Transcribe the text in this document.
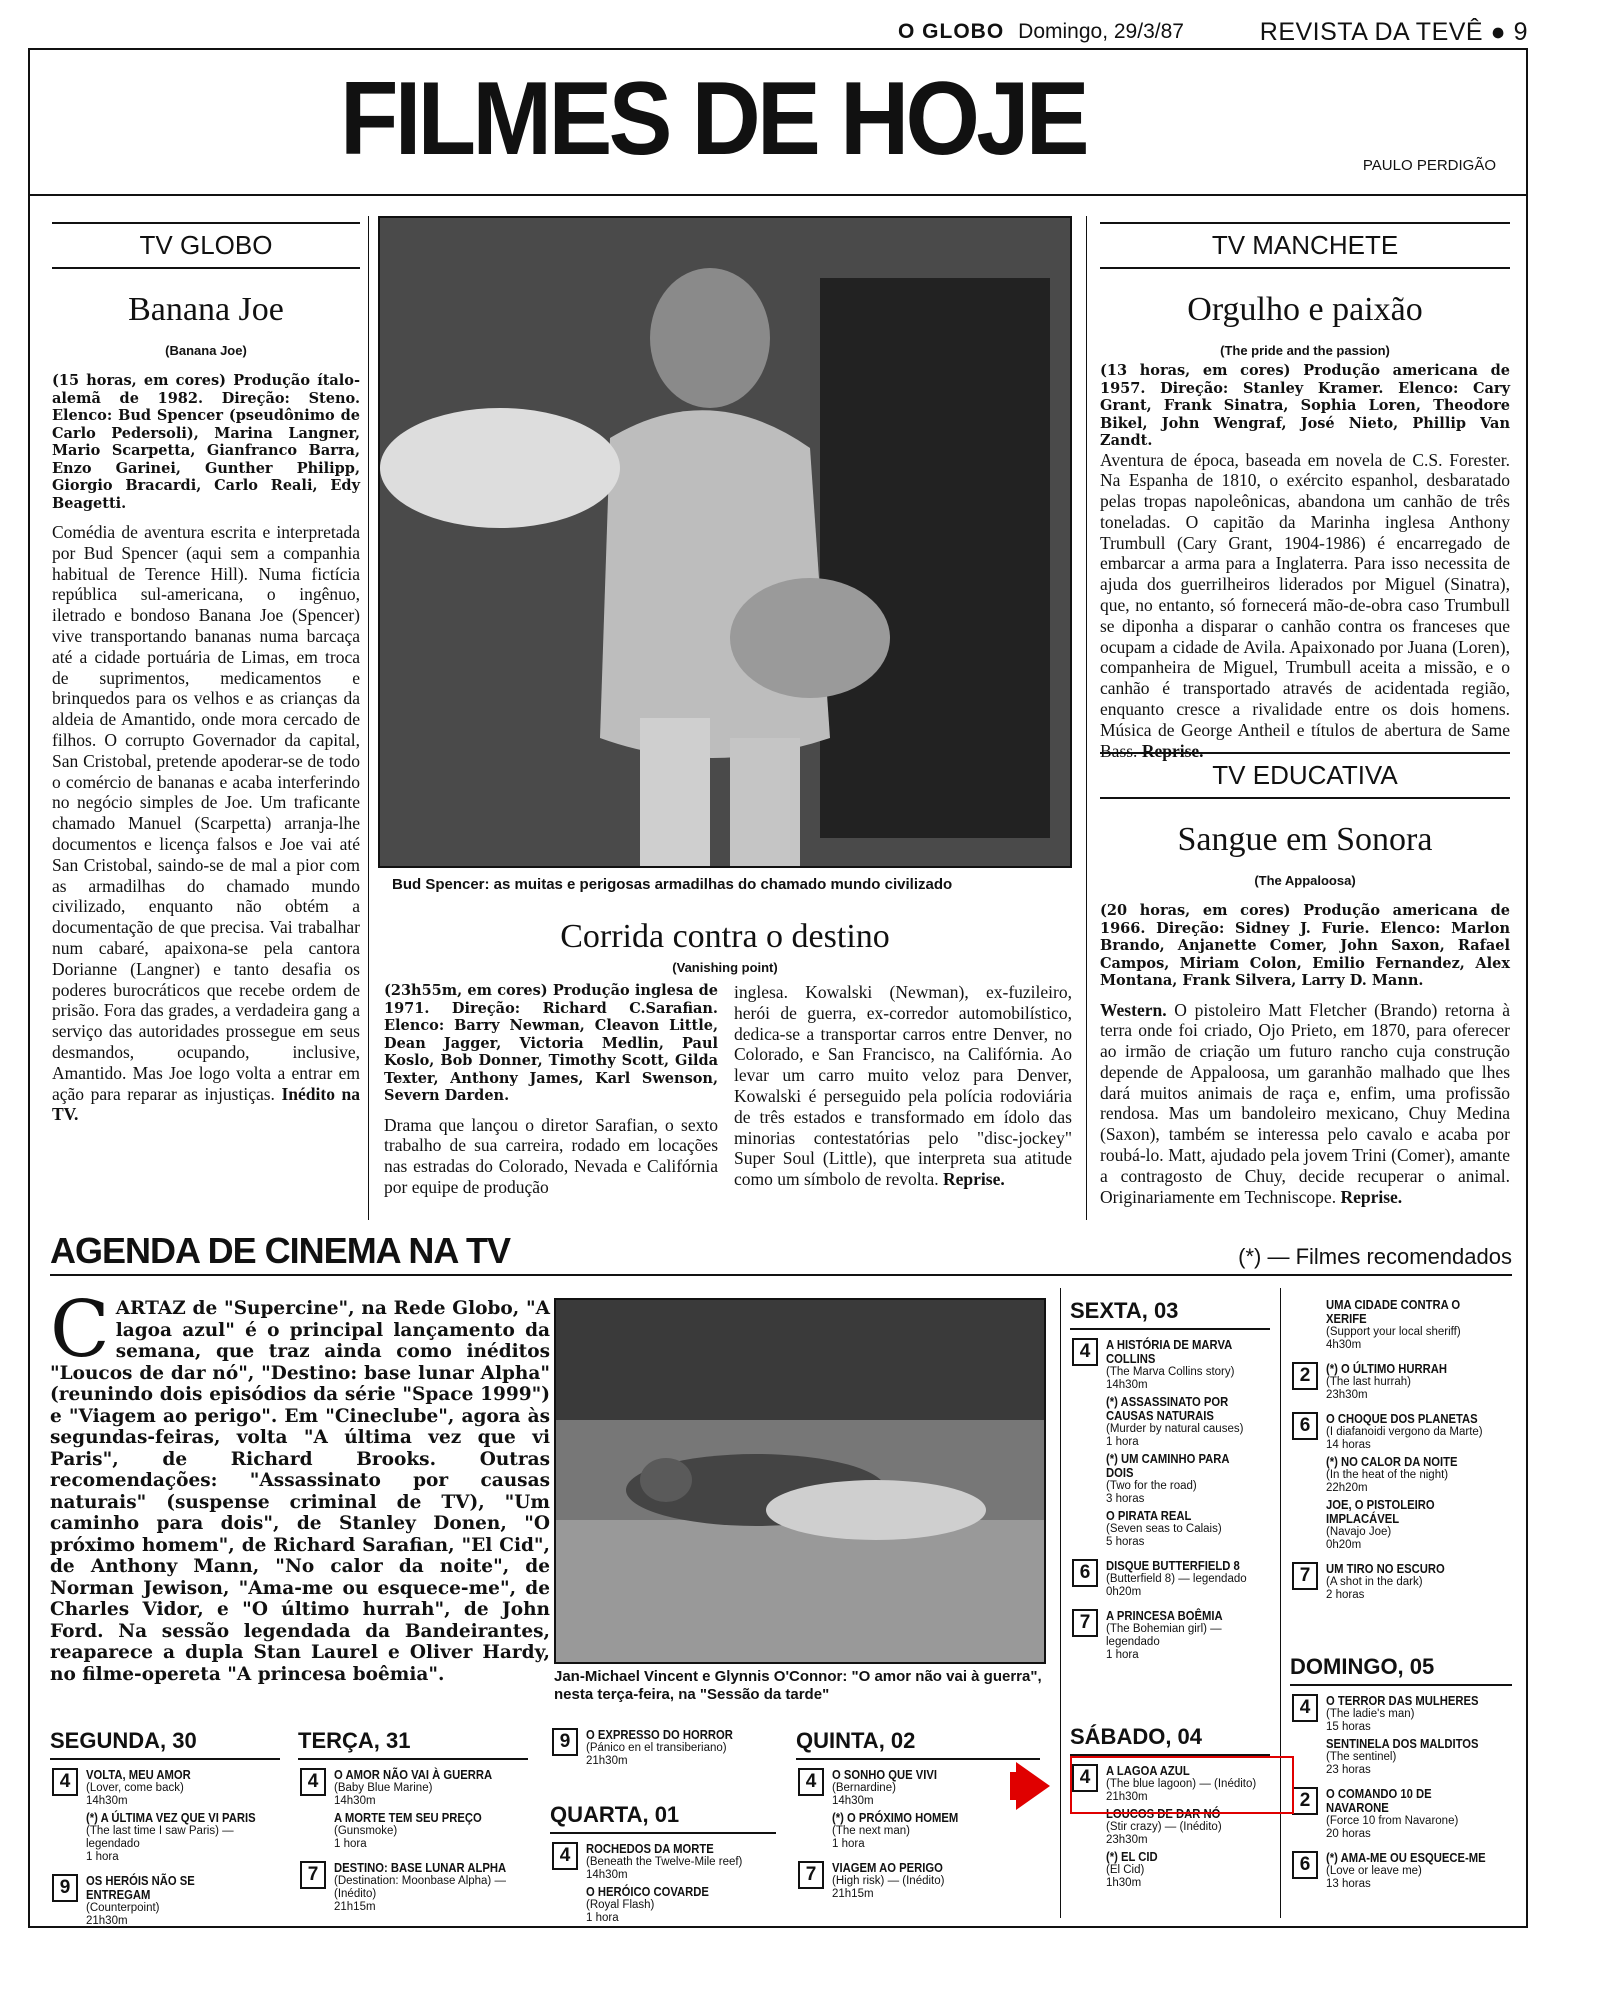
O GLOBO Domingo, 29/3/87	REVISTA DA TEVÊ ● 9
FILMES DE HOJE	PAULO PERDIGÃO
TV GLOBO
Banana Joe
(Banana Joe)
(15 horas, em cores) Produção ítalo-alemã de 1982. Direção: Steno. Elenco: Bud Spencer (pseudônimo de Carlo Pedersoli), Marina Langner, Mario Scarpetta, Gianfranco Barra, Enzo Garinei, Gunther Philipp, Giorgio Bracardi, Carlo Reali, Edy Beagetti.
Comédia de aventura escrita e interpretada por Bud Spencer (aqui sem a companhia habitual de Terence Hill). Numa fictícia república sul-americana, o ingênuo, iletrado e bondoso Banana Joe (Spencer) vive transportando bananas numa barcaça até a cidade portuária de Limas, em troca de suprimentos, medicamentos e brinquedos para os velhos e as crianças da aldeia de Amantido, onde mora cercado de filhos. O corrupto Governador da capital, San Cristobal, pretende apoderar-se de todo o comércio de bananas e acaba interferindo no negócio simples de Joe. Um traficante chamado Manuel (Scarpetta) arranja-lhe documentos e licença falsos e Joe vai até San Cristobal, saindo-se de mal a pior com as armadilhas do chamado mundo civilizado, enquanto não obtém a documentação de que precisa. Vai trabalhar num cabaré, apaixona-se pela cantora Dorianne (Langner) e tanto desafia os poderes burocráticos que recebe ordem de prisão. Fora das grades, a verdadeira gang a serviço das autoridades prossegue em seus desmandos, ocupando, inclusive, Amantido. Mas Joe logo volta a entrar em ação para reparar as injustiças. Inédito na TV.
Bud Spencer: as muitas e perigosas armadilhas do chamado mundo civilizado
Corrida contra o destino
(Vanishing point)
(23h55m, em cores) Produção inglesa de 1971. Direção: Richard C.Sarafian. Elenco: Barry Newman, Cleavon Little, Dean Jagger, Victoria Medlin, Paul Koslo, Bob Donner, Timothy Scott, Gilda Texter, Anthony James, Karl Swenson, Severn Darden.
Drama que lançou o diretor Sarafian, o sexto trabalho de sua carreira, rodado em locações nas estradas do Colorado, Nevada e Califórnia por equipe de produção
inglesa. Kowalski (Newman), ex-fuzileiro, herói de guerra, ex-corredor automobilístico, dedica-se a transportar carros entre Denver, no Colorado, e San Francisco, na Califórnia. Ao levar um carro muito veloz para Denver, Kowalski é perseguido pela polícia rodoviária de três estados e transformado em ídolo das minorias contestatórias pelo "disc-jockey" Super Soul (Little), que interpreta sua atitude como um símbolo de revolta. Reprise.
TV MANCHETE
Orgulho e paixão
(The pride and the passion)
(13 horas, em cores) Produção americana de 1957. Direção: Stanley Kramer. Elenco: Cary Grant, Frank Sinatra, Sophia Loren, Theodore Bikel, John Wengraf, José Nieto, Phillip Van Zandt.
Aventura de época, baseada em novela de C.S. Forester. Na Espanha de 1810, o exército espanhol, desbaratado pelas tropas napoleônicas, abandona um canhão de três toneladas. O capitão da Marinha inglesa Anthony Trumbull (Cary Grant, 1904-1986) é encarregado de embarcar a arma para a Inglaterra. Para isso necessita de ajuda dos guerrilheiros liderados por Miguel (Sinatra), que, no entanto, só fornecerá mão-de-obra caso Trumbull se diponha a disparar o canhão contra os franceses que ocupam a cidade de Avila. Apaixonado por Juana (Loren), companheira de Miguel, Trumbull aceita a missão, e o canhão é transportado através de acidentada região, enquanto cresce a rivalidade entre os dois homens. Música de George Antheil e títulos de abertura de Same Bass. Reprise.
TV EDUCATIVA
Sangue em Sonora
(The Appaloosa)
(20 horas, em cores) Produção americana de 1966. Direção: Sidney J. Furie. Elenco: Marlon Brando, Anjanette Comer, John Saxon, Rafael Campos, Miriam Colon, Emilio Fernandez, Alex Montana, Frank Silvera, Larry D. Mann.
Western. O pistoleiro Matt Fletcher (Brando) retorna à terra onde foi criado, Ojo Prieto, em 1870, para oferecer ao irmão de criação um futuro rancho cuja construção depende de Appaloosa, um garanhão malhado que lhes dará muitos animais de raça e, enfim, uma profissão rendosa. Mas um bandoleiro mexicano, Chuy Medina (Saxon), também se interessa pelo cavalo e acaba por roubá-lo. Matt, ajudado pela jovem Trini (Comer), amante a contragosto de Chuy, decide recuperar o animal. Originariamente em Techniscope. Reprise.
AGENDA DE CINEMA NA TV	(*) — Filmes recomendados
CARTAZ de "Supercine", na Rede Globo, "A lagoa azul" é o principal lançamento da semana, que traz ainda como inéditos "Loucos de dar nó", "Destino: base lunar Alpha" (reunindo dois episódios da série "Space 1999") e "Viagem ao perigo". Em "Cineclube", agora às segundas-feiras, volta "A última vez que vi Paris", de Richard Brooks. Outras recomendações: "Assassinato por causas naturais" (suspense criminal de TV), "Um caminho para dois", de Stanley Donen, "O próximo homem", de Richard Sarafian, "El Cid", de Anthony Mann, "No calor da noite", de Norman Jewison, "Ama-me ou esquece-me", de Charles Vidor, e "O último hurrah", de John Ford. Na sessão legendada da Bandeirantes, reaparece a dupla Stan Laurel e Oliver Hardy, no filme-opereta "A princesa boêmia".	Jan-Michael Vincent e Glynnis O'Connor: "O amor não vai à guerra", nesta terça-feira, na "Sessão da tarde"
SEGUNDA, 30
4	VOLTA, MEU AMOR
(Lover, come back)
14h30m
(*) A ÚLTIMA VEZ QUE VI PARIS
(The last time I saw Paris) — legendado
1 hora
9	OS HERÓIS NÃO SE ENTREGAM
(Counterpoint)
21h30m
TERÇA, 31
4	O AMOR NÃO VAI À GUERRA
(Baby Blue Marine)
14h30m
A MORTE TEM SEU PREÇO
(Gunsmoke)
1 hora
7	DESTINO: BASE LUNAR ALPHA
(Destination: Moonbase Alpha) — (Inédito)
21h15m
9	O EXPRESSO DO HORROR
(Pánico en el transiberiano)
21h30m
QUARTA, 01
4	ROCHEDOS DA MORTE
(Beneath the Twelve-Mile reef)
14h30m
O HERÓICO COVARDE
(Royal Flash)
1 hora
QUINTA, 02
4	O SONHO QUE VIVI
(Bernardine)
14h30m
(*) O PRÓXIMO HOMEM
(The next man)
1 hora
7	VIAGEM AO PERIGO
(High risk) — (Inédito)
21h15m
SEXTA, 03
4	A HISTÓRIA DE MARVA COLLINS
(The Marva Collins story)
14h30m
(*) ASSASSINATO POR CAUSAS NATURAIS
(Murder by natural causes)
1 hora
(*) UM CAMINHO PARA DOIS
(Two for the road)
3 horas
O PIRATA REAL
(Seven seas to Calais)
5 horas
6	DISQUE BUTTERFIELD 8
(Butterfield 8) — legendado
0h20m
7	A PRINCESA BOÊMIA
(The Bohemian girl) — legendado
1 hora
SÁBADO, 04
4	A LAGOA AZUL
(The blue lagoon) — (Inédito)
21h30m
LOUCOS DE DAR NÓ
(Stir crazy) — (Inédito)
23h30m
(*) EL CID
(El Cid)
1h30m
UMA CIDADE CONTRA O XERIFE
(Support your local sheriff)
4h30m
2	(*) O ÚLTIMO HURRAH
(The last hurrah)
23h30m
6	O CHOQUE DOS PLANETAS
(I diafanoidi vergono da Marte)
14 horas
(*) NO CALOR DA NOITE
(In the heat of the night)
22h20m
JOE, O PISTOLEIRO IMPLACÁVEL
(Navajo Joe)
0h20m
7	UM TIRO NO ESCURO
(A shot in the dark)
2 horas
DOMINGO, 05
4	O TERROR DAS MULHERES
(The ladie's man)
15 horas
SENTINELA DOS MALDITOS
(The sentinel)
23 horas
2	O COMANDO 10 DE NAVARONE
(Force 10 from Navarone)
20 horas
6	(*) AMA-ME OU ESQUECE-ME
(Love or leave me)
13 horas
